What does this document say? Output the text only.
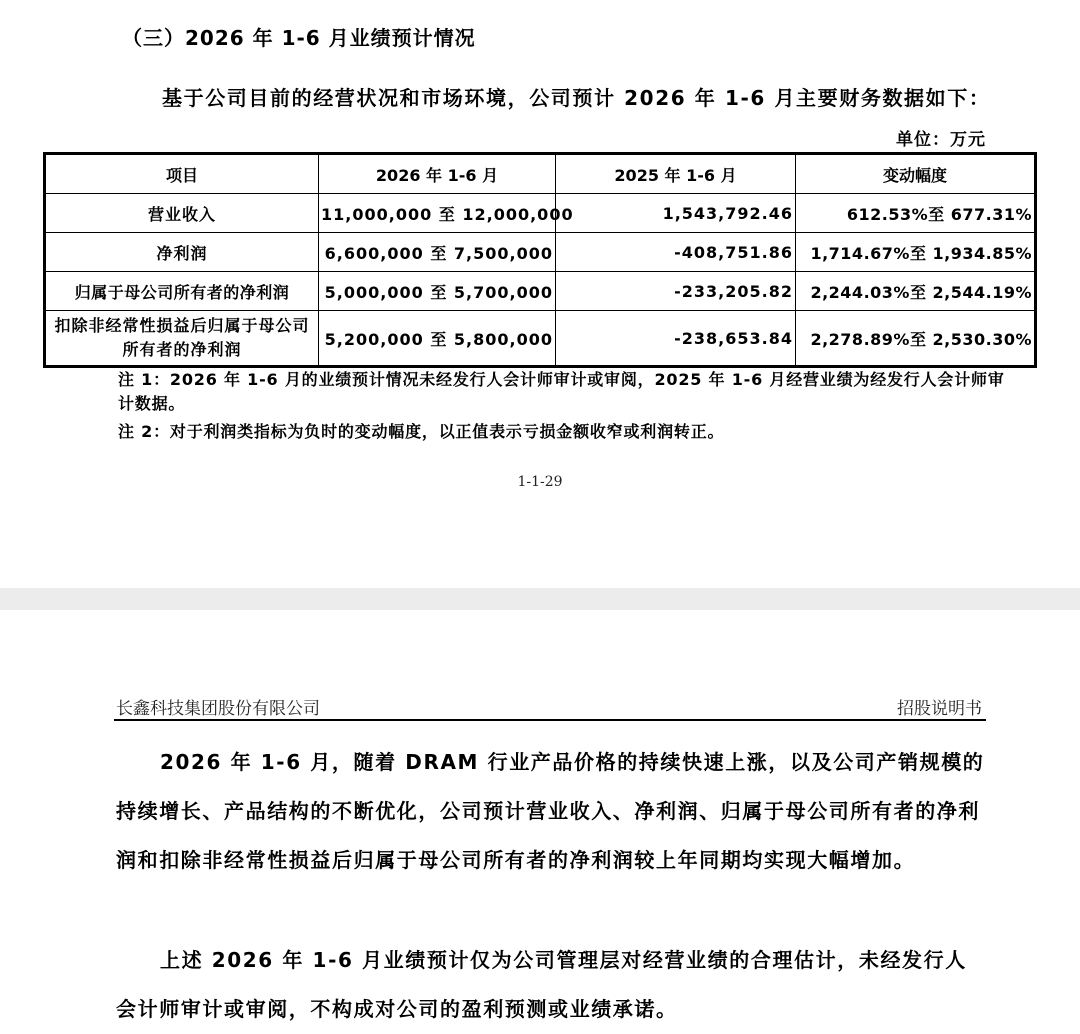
（三）2026 年 1-6 月业绩预计情况
基于公司目前的经营状况和市场环境，公司预计 2026 年 1-6 月主要财务数据如下：
单位：万元
项目	2026 年 1-6 月	2025 年 1-6 月	变动幅度
营业收入	11,000,000 至 12,000,000	1,543,792.46	612.53%至 677.31%
净利润	6,600,000 至 7,500,000	-408,751.86	1,714.67%至 1,934.85%
归属于母公司所有者的净利润	5,000,000 至 5,700,000	-233,205.82	2,244.03%至 2,544.19%
扣除非经常性损益后归属于母公司所有者的净利润	5,200,000 至 5,800,000	-238,653.84	2,278.89%至 2,530.30%
注 1：2026 年 1-6 月的业绩预计情况未经发行人会计师审计或审阅，2025 年 1-6 月经营业绩为经发行人会计师审计数据。
注 2：对于利润类指标为负时的变动幅度，以正值表示亏损金额收窄或利润转正。
1-1-29
长鑫科技集团股份有限公司	招股说明书
2026 年 1-6 月，随着 DRAM 行业产品价格的持续快速上涨，以及公司产销规模的持续增长、产品结构的不断优化，公司预计营业收入、净利润、归属于母公司所有者的净利润和扣除非经常性损益后归属于母公司所有者的净利润较上年同期均实现大幅增加。
上述 2026 年 1-6 月业绩预计仅为公司管理层对经营业绩的合理估计，未经发行人会计师审计或审阅，不构成对公司的盈利预测或业绩承诺。
